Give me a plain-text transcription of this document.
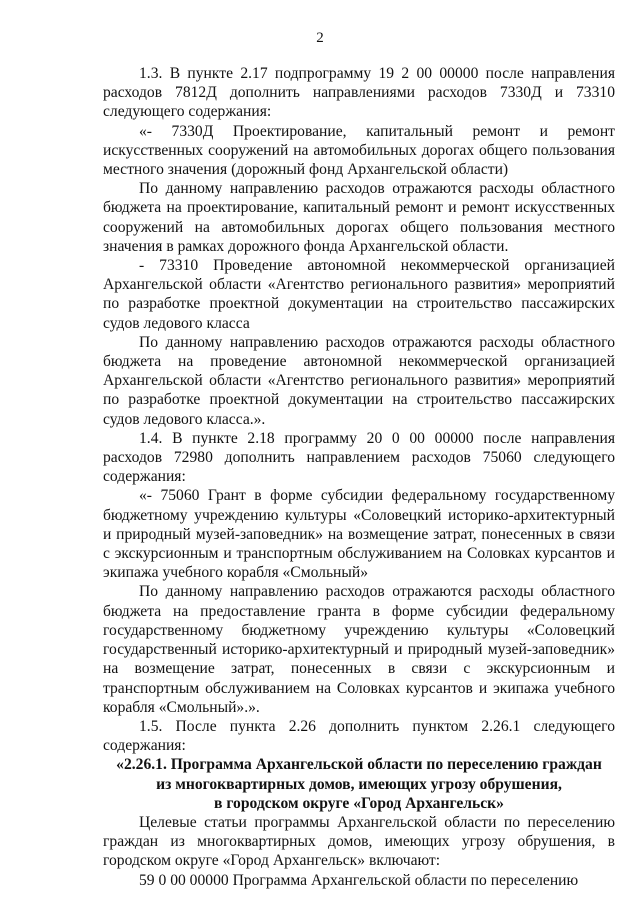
2

1.3. В пункте 2.17 подпрограмму 19 2 00 00000 после направления расходов 7812Д дополнить направлениями расходов 7330Д и 73310 следующего содержания:

«- 7330Д Проектирование, капитальный ремонт и ремонт искусственных сооружений на автомобильных дорогах общего пользования местного значения (дорожный фонд Архангельской области)

По данному направлению расходов отражаются расходы областного бюджета на проектирование, капитальный ремонт и ремонт искусственных сооружений на автомобильных дорогах общего пользования местного значения в рамках дорожного фонда Архангельской области.

- 73310 Проведение автономной некоммерческой организацией Архангельской области «Агентство регионального развития» мероприятий по разработке проектной документации на строительство пассажирских судов ледового класса

По данному направлению расходов отражаются расходы областного бюджета на проведение автономной некоммерческой организацией Архангельской области «Агентство регионального развития» мероприятий по разработке проектной документации на строительство пассажирских судов ледового класса.».

1.4. В пункте 2.18 программу 20 0 00 00000 после направления расходов 72980 дополнить направлением расходов 75060 следующего содержания:

«- 75060 Грант в форме субсидии федеральному государственному бюджетному учреждению культуры «Соловецкий историко-архитектурный и природный музей-заповедник» на возмещение затрат, понесенных в связи с экскурсионным и транспортным обслуживанием на Соловках курсантов и экипажа учебного корабля «Смольный»

По данному направлению расходов отражаются расходы областного бюджета на предоставление гранта в форме субсидии федеральному государственному бюджетному учреждению культуры «Соловецкий государственный историко-архитектурный и природный музей-заповедник» на возмещение затрат, понесенных в связи с экскурсионным и транспортным обслуживанием на Соловках курсантов и экипажа учебного корабля «Смольный».».

1.5. После пункта 2.26 дополнить пунктом 2.26.1 следующего содержания:

«2.26.1. Программа Архангельской области по переселению граждан

из многоквартирных домов, имеющих угрозу обрушения,

в городском округе «Город Архангельск»

Целевые статьи программы Архангельской области по переселению граждан из многоквартирных домов, имеющих угрозу обрушения, в городском округе «Город Архангельск» включают:

59 0 00 00000 Программа Архангельской области по переселению
